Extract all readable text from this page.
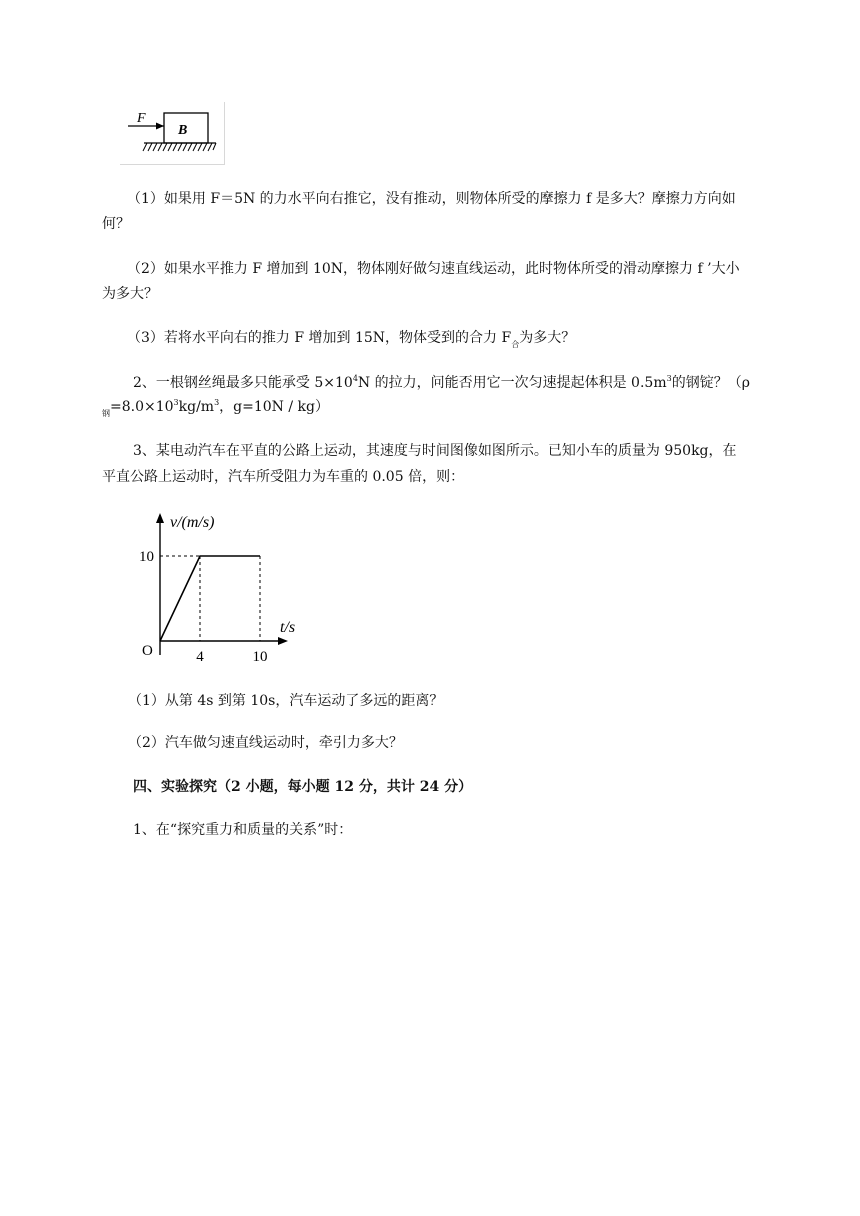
F
B
（1）如果用 F＝5N 的力水平向右推它，没有推动，则物体所受的摩擦力 f 是多大？摩擦力方向如
何？
（2）如果水平推力 F 增加到 10N，物体刚好做匀速直线运动，此时物体所受的滑动摩擦力 f ’大小
为多大？
（3）若将水平向右的推力 F 增加到 15N，物体受到的合力 $F_合$为多大？
2、一根钢丝绳最多只能承受 $5\times 10^4N$ 的拉力，问能否用它一次匀速提起体积是 $0.5m^3$的钢锭？（ρ
$_钢=8.0\times 10^3kg/m^3$，g=10N / kg）
3、某电动汽车在平直的公路上运动，其速度与时间图像如图所示。已知小车的质量为 950kg，在
平直公路上运动时，汽车所受阻力为车重的 0.05 倍，则：
v/(m/s)
t/s
O	4	10
10
（1）从第 4s 到第 10s，汽车运动了多远的距离？
（2）汽车做匀速直线运动时，牵引力多大？
四、实验探究（2 小题，每小题 12 分，共计 24 分）
1、在“探究重力和质量的关系”时：
